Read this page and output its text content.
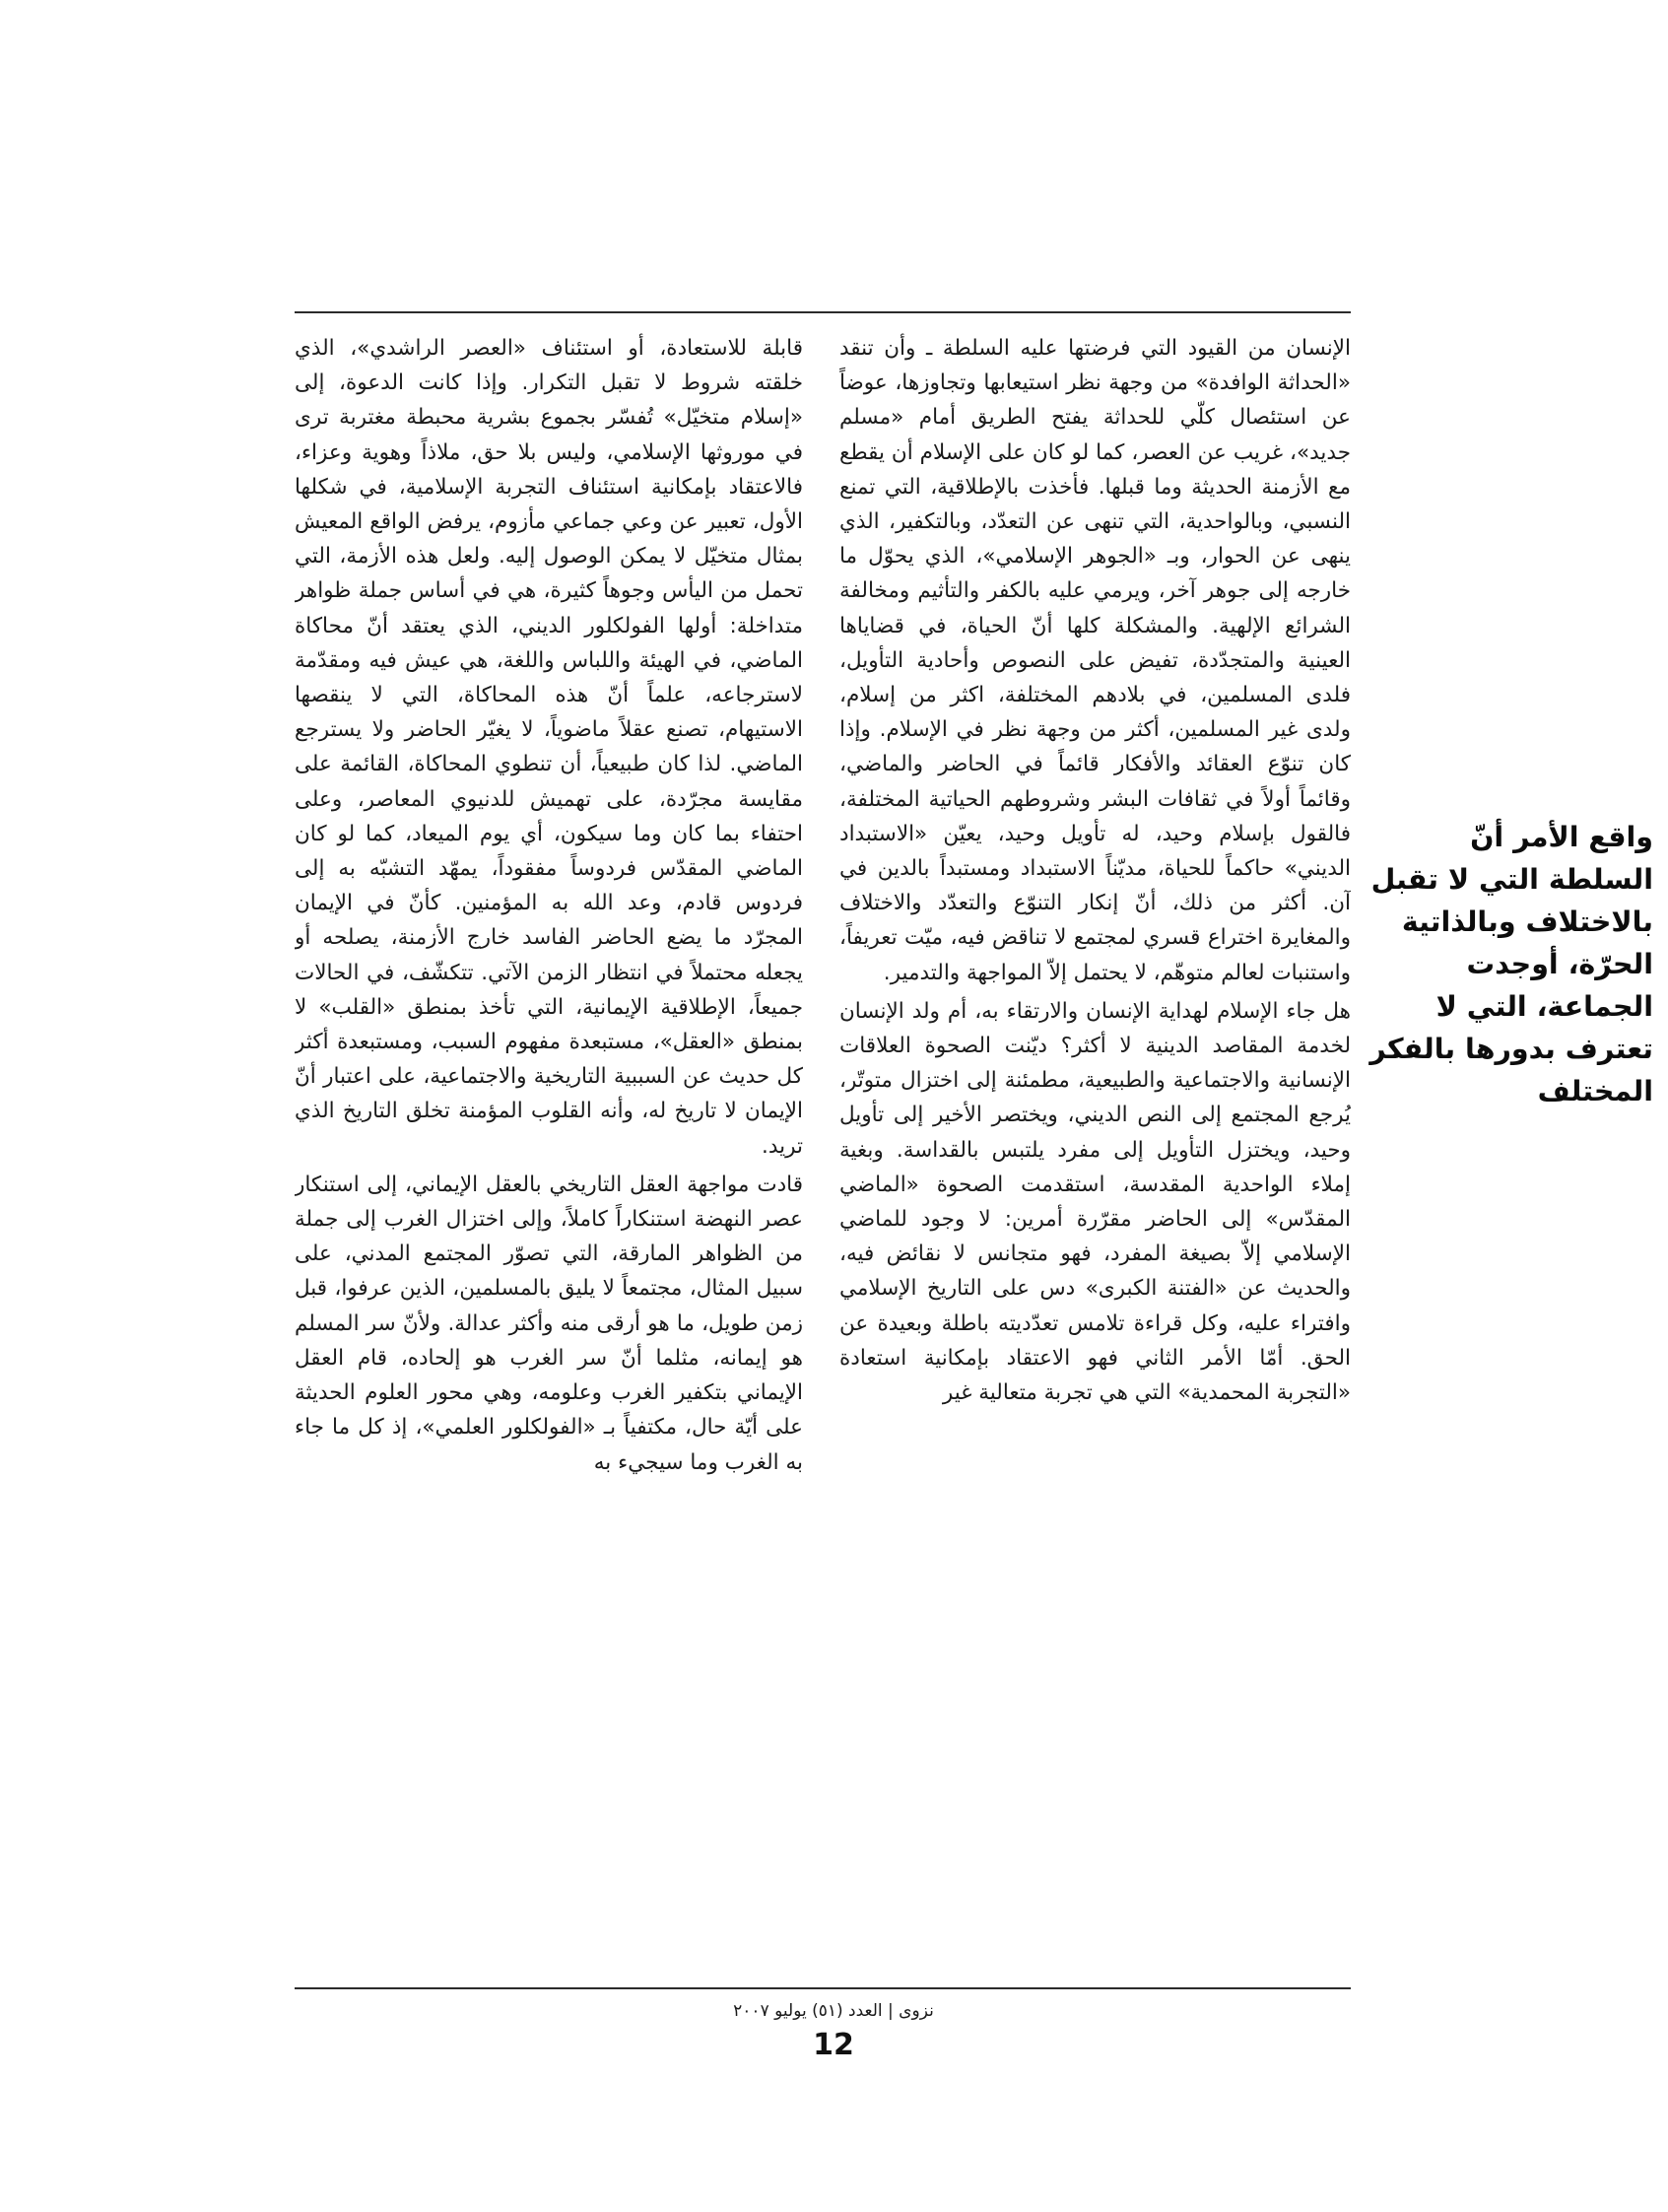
الإنسان من القيود التي فرضتها عليه السلطة ـ وأن تنقد «الحداثة الوافدة» من وجهة نظر استيعابها وتجاوزها، عوضاً عن استئصال كلّي للحداثة يفتح الطريق أمام «مسلم جديد»، غريب عن العصر، كما لو كان على الإسلام أن يقطع مع الأزمنة الحديثة وما قبلها. فأخذت بالإطلاقية، التي تمنع النسبي، وبالواحدية، التي تنهى عن التعدّد، وبالتكفير، الذي ينهى عن الحوار، وبـ «الجوهر الإسلامي»، الذي يحوّل ما خارجه إلى جوهر آخر، ويرمي عليه بالكفر والتأثيم ومخالفة الشرائع الإلهية. والمشكلة كلها أنّ الحياة، في قضاياها العينية والمتجدّدة، تفيض على النصوص وأحادية التأويل، فلدى المسلمين، في بلادهم المختلفة، اكثر من إسلام، ولدى غير المسلمين، أكثر من وجهة نظر في الإسلام. وإذا كان تنوّع العقائد والأفكار قائماً في الحاضر والماضي، وقائماً أولاً في ثقافات البشر وشروطهم الحياتية المختلفة، فالقول بإسلام وحيد، له تأويل وحيد، يعيّن «الاستبداد الديني» حاكماً للحياة، مديّناً الاستبداد ومستبداً بالدين في آن. أكثر من ذلك، أنّ إنكار التنوّع والتعدّد والاختلاف والمغايرة اختراع قسري لمجتمع لا تناقض فيه، ميّت تعريفاً، واستنبات لعالم متوهّم، لا يحتمل إلاّ المواجهة والتدمير.

هل جاء الإسلام لهداية الإنسان والارتقاء به، أم ولد الإنسان لخدمة المقاصد الدينية لا أكثر؟ ديّنت الصحوة العلاقات الإنسانية والاجتماعية والطبيعية، مطمئنة إلى اختزال متوتّر، يُرجع المجتمع إلى النص الديني، ويختصر الأخير إلى تأويل وحيد، ويختزل التأويل إلى مفرد يلتبس بالقداسة. وبغية إملاء الواحدية المقدسة، استقدمت الصحوة «الماضي المقدّس» إلى الحاضر مقرّرة أمرين: لا وجود للماضي الإسلامي إلاّ بصيغة المفرد، فهو متجانس لا نقائض فيه، والحديث عن «الفتنة الكبرى» دس على التاريخ الإسلامي وافتراء عليه، وكل قراءة تلامس تعدّديته باطلة وبعيدة عن الحق. أمّا الأمر الثاني فهو الاعتقاد بإمكانية استعادة «التجربة المحمدية» التي هي تجربة متعالية غير

قابلة للاستعادة، أو استئناف «العصر الراشدي»، الذي خلقته شروط لا تقبل التكرار. وإذا كانت الدعوة، إلى «إسلام متخيّل» تُفسّر بجموع بشرية محبطة مغتربة ترى في موروثها الإسلامي، وليس بلا حق، ملاذاً وهوية وعزاء، فالاعتقاد بإمكانية استئناف التجربة الإسلامية، في شكلها الأول، تعبير عن وعي جماعي مأزوم، يرفض الواقع المعيش بمثال متخيّل لا يمكن الوصول إليه. ولعل هذه الأزمة، التي تحمل من اليأس وجوهاً كثيرة، هي في أساس جملة ظواهر متداخلة: أولها الفولكلور الديني، الذي يعتقد أنّ محاكاة الماضي، في الهيئة واللباس واللغة، هي عيش فيه ومقدّمة لاسترجاعه، علماً أنّ هذه المحاكاة، التي لا ينقصها الاستيهام، تصنع عقلاً ماضوياً، لا يغيّر الحاضر ولا يسترجع الماضي. لذا كان طبيعياً، أن تنطوي المحاكاة، القائمة على مقايسة مجرّدة، على تهميش للدنيوي المعاصر، وعلى احتفاء بما كان وما سيكون، أي يوم الميعاد، كما لو كان الماضي المقدّس فردوساً مفقوداً، يمهّد التشبّه به إلى فردوس قادم، وعد الله به المؤمنين. كأنّ في الإيمان المجرّد ما يضع الحاضر الفاسد خارج الأزمنة، يصلحه أو يجعله محتملاً في انتظار الزمن الآتي. تتكشّف، في الحالات جميعاً، الإطلاقية الإيمانية، التي تأخذ بمنطق «القلب» لا بمنطق «العقل»، مستبعدة مفهوم السبب، ومستبعدة أكثر كل حديث عن السببية التاريخية والاجتماعية، على اعتبار أنّ الإيمان لا تاريخ له، وأنه القلوب المؤمنة تخلق التاريخ الذي تريد.

قادت مواجهة العقل التاريخي بالعقل الإيماني، إلى استنكار عصر النهضة استنكاراً كاملاً، وإلى اختزال الغرب إلى جملة من الظواهر المارقة، التي تصوّر المجتمع المدني، على سبيل المثال، مجتمعاً لا يليق بالمسلمين، الذين عرفوا، قبل زمن طويل، ما هو أرقى منه وأكثر عدالة. ولأنّ سر المسلم هو إيمانه، مثلما أنّ سر الغرب هو إلحاده، قام العقل الإيماني بتكفير الغرب وعلومه، وهي محور العلوم الحديثة على أيّة حال، مكتفياً بـ «الفولكلور العلمي»، إذ كل ما جاء به الغرب وما سيجيء به

واقع الأمر أنّ السلطة التي لا تقبل بالاختلاف وبالذاتية الحرّة، أوجدت الجماعة، التي لا تعترف بدورها بالفكر المختلف
نزوى | العدد (٥١) يوليو ٢٠٠٧
12
